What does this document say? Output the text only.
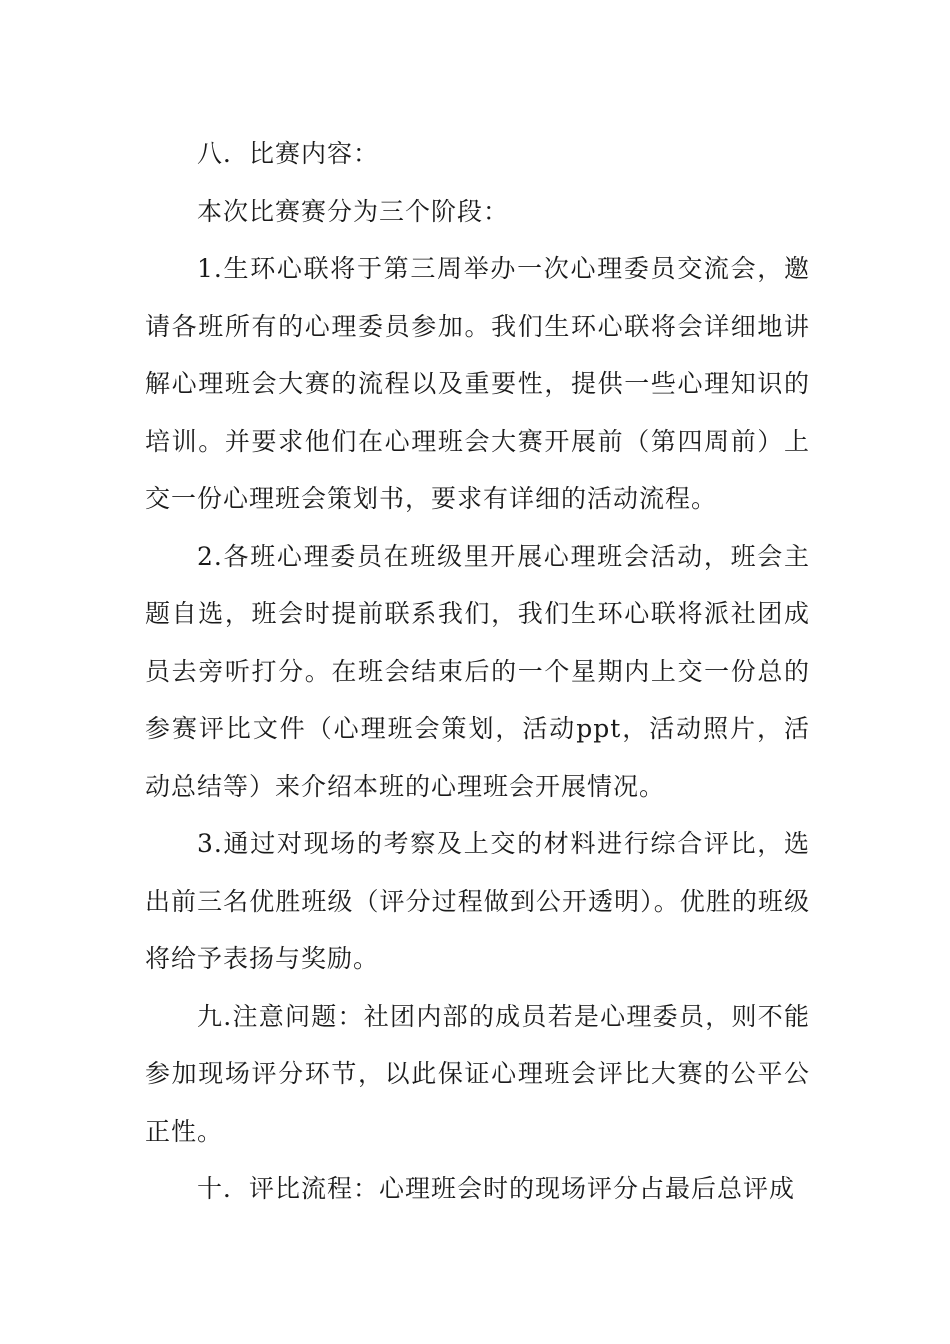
八．比赛内容：

本次比赛赛分为三个阶段：

1.生环心联将于第三周举办一次心理委员交流会，邀请各班所有的心理委员参加。我们生环心联将会详细地讲解心理班会大赛的流程以及重要性，提供一些心理知识的培训。并要求他们在心理班会大赛开展前（第四周前）上交一份心理班会策划书，要求有详细的活动流程。

2.各班心理委员在班级里开展心理班会活动，班会主题自选，班会时提前联系我们，我们生环心联将派社团成员去旁听打分。在班会结束后的一个星期内上交一份总的参赛评比文件（心理班会策划，活动ppt，活动照片，活动总结等）来介绍本班的心理班会开展情况。

3.通过对现场的考察及上交的材料进行综合评比，选出前三名优胜班级（评分过程做到公开透明）。优胜的班级将给予表扬与奖励。

九.注意问题：社团内部的成员若是心理委员，则不能参加现场评分环节，以此保证心理班会评比大赛的公平公正性。

十．评比流程：心理班会时的现场评分占最后总评成
